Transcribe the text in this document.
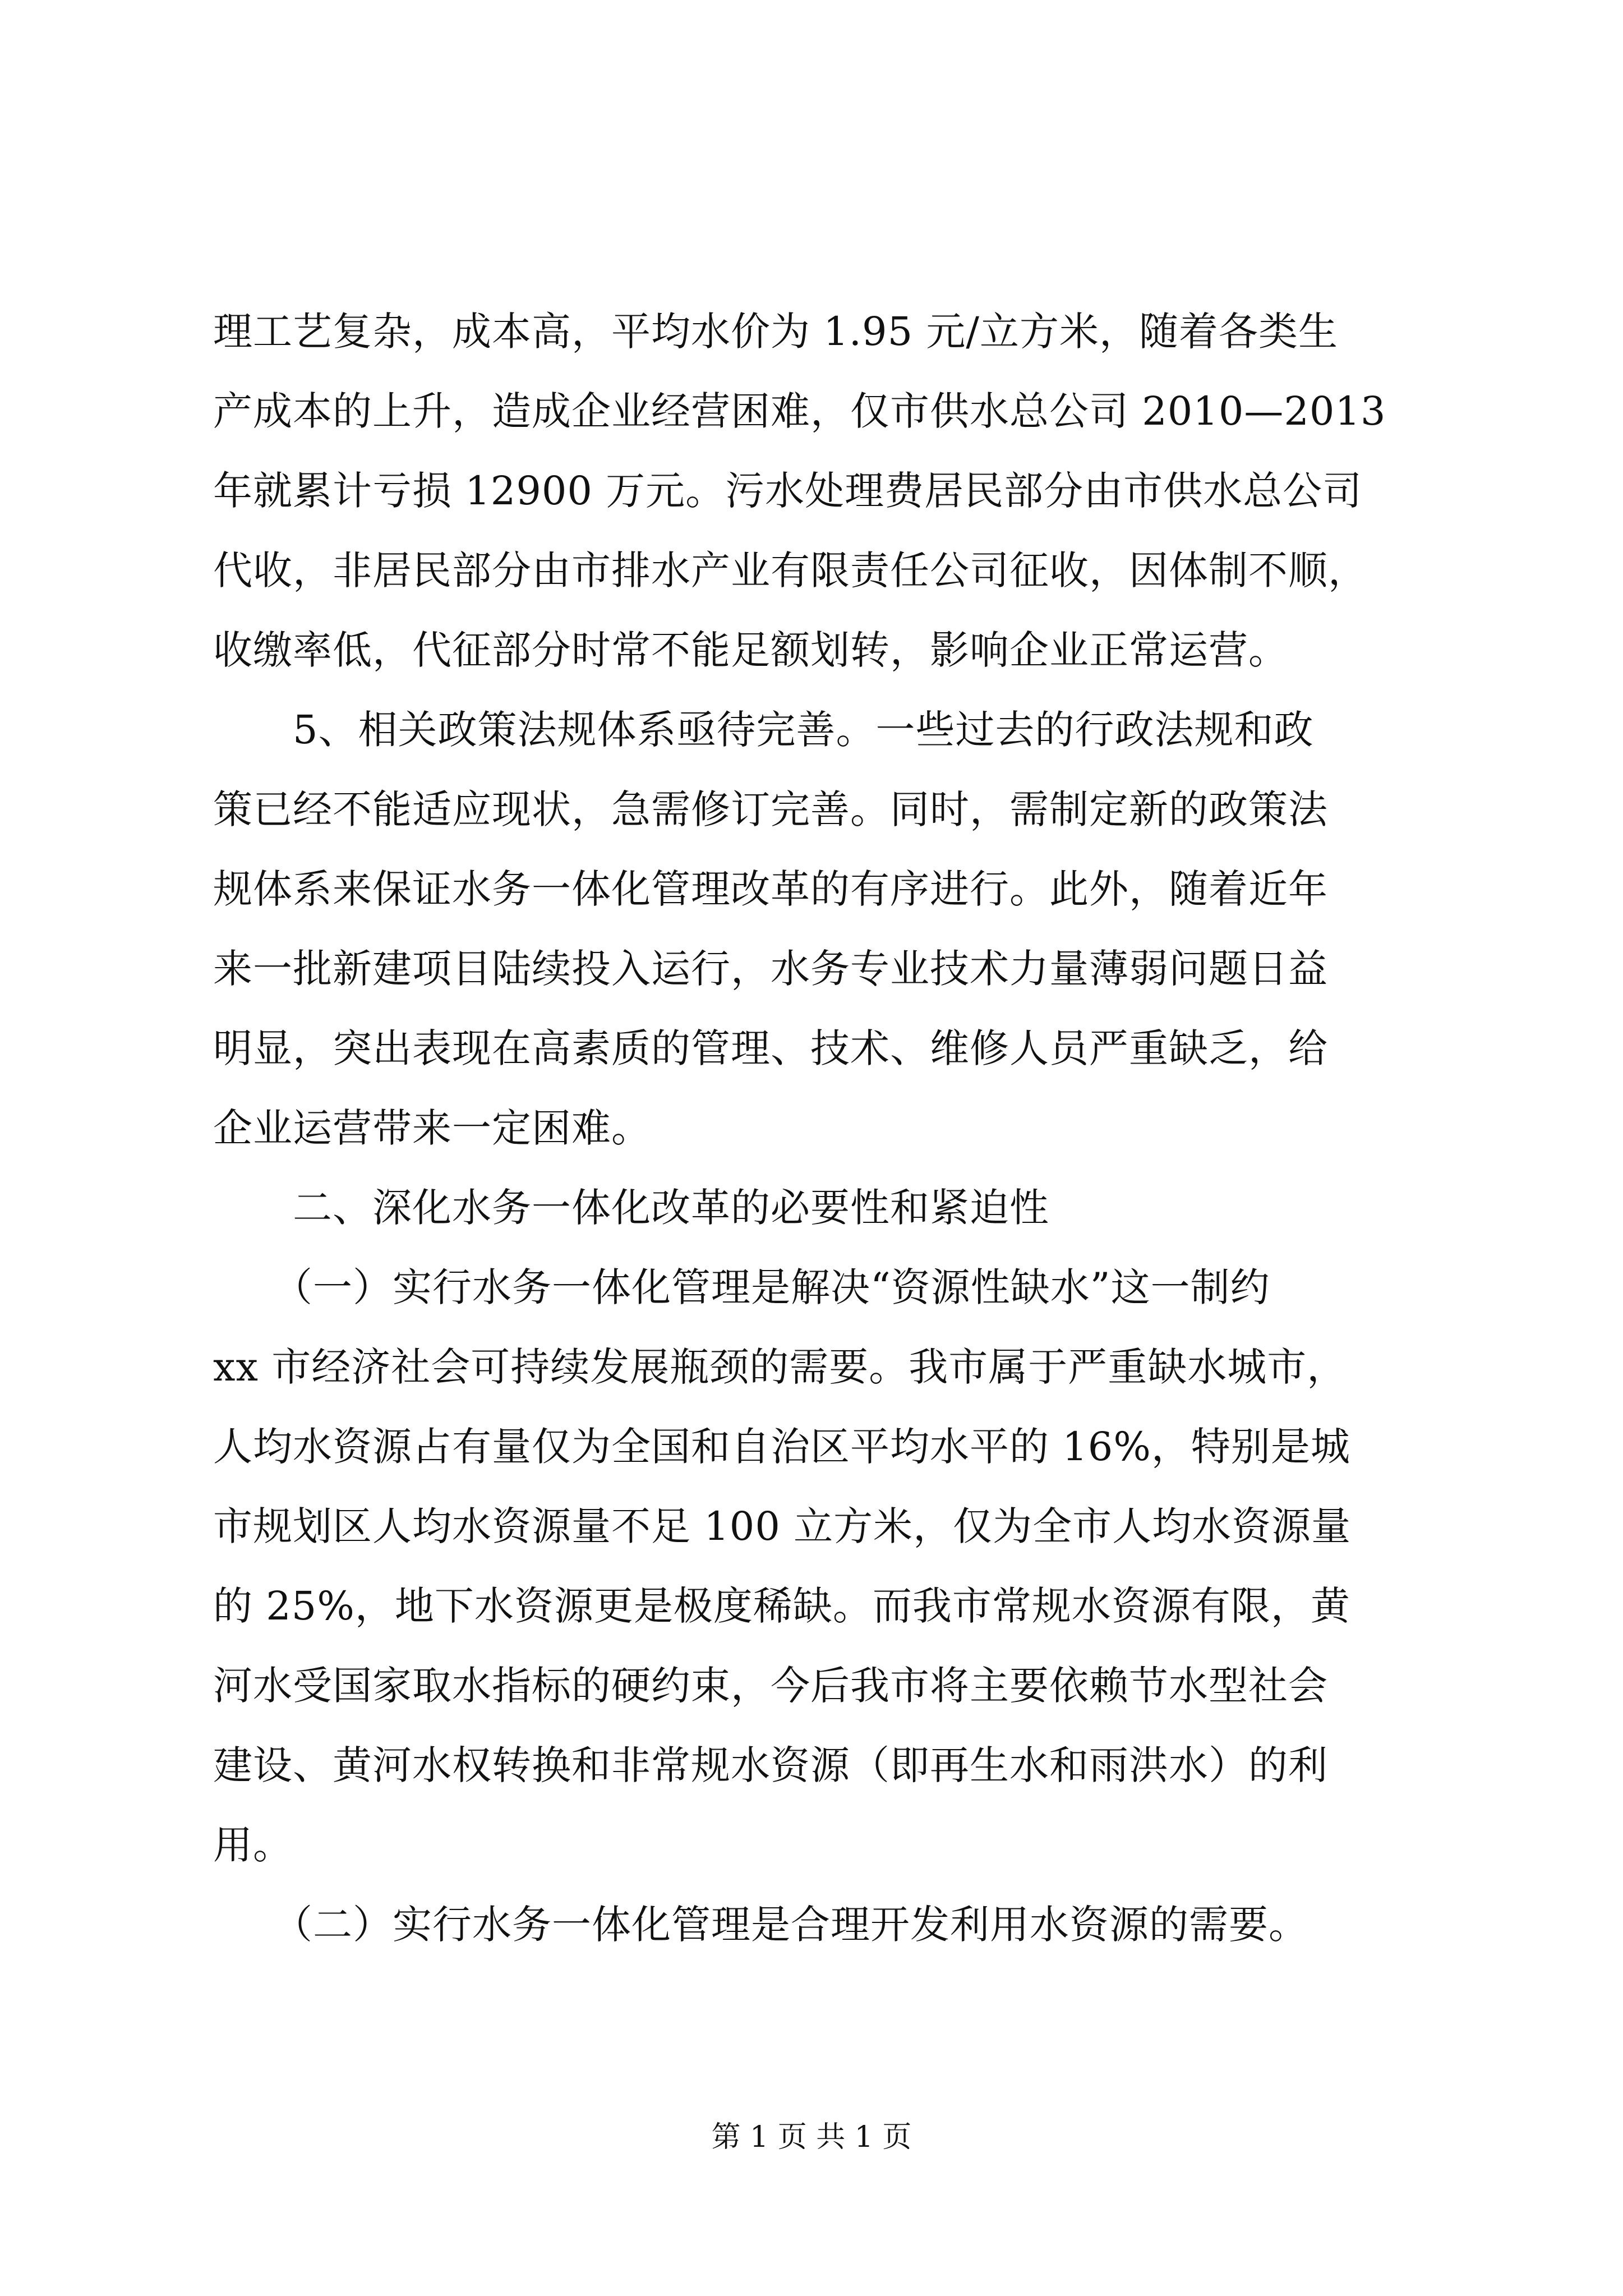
理工艺复杂，成本高，平均水价为 1.95 元/立方米，随着各类生
产成本的上升，造成企业经营困难，仅市供水总公司 2010—2013
年就累计亏损 12900 万元。污水处理费居民部分由市供水总公司
代收，非居民部分由市排水产业有限责任公司征收，因体制不顺，
收缴率低，代征部分时常不能足额划转，影响企业正常运营。
　　5、相关政策法规体系亟待完善。一些过去的行政法规和政
策已经不能适应现状，急需修订完善。同时，需制定新的政策法
规体系来保证水务一体化管理改革的有序进行。此外，随着近年
来一批新建项目陆续投入运行，水务专业技术力量薄弱问题日益
明显，突出表现在高素质的管理、技术、维修人员严重缺乏，给
企业运营带来一定困难。
　　二、深化水务一体化改革的必要性和紧迫性
　　（一）实行水务一体化管理是解决“资源性缺水”这一制约
xx 市经济社会可持续发展瓶颈的需要。我市属于严重缺水城市，
人均水资源占有量仅为全国和自治区平均水平的 16%，特别是城
市规划区人均水资源量不足 100 立方米，仅为全市人均水资源量
的 25%，地下水资源更是极度稀缺。而我市常规水资源有限，黄
河水受国家取水指标的硬约束，今后我市将主要依赖节水型社会
建设、黄河水权转换和非常规水资源（即再生水和雨洪水）的利
用。
　　（二）实行水务一体化管理是合理开发利用水资源的需要。
第 1 页 共 1 页
